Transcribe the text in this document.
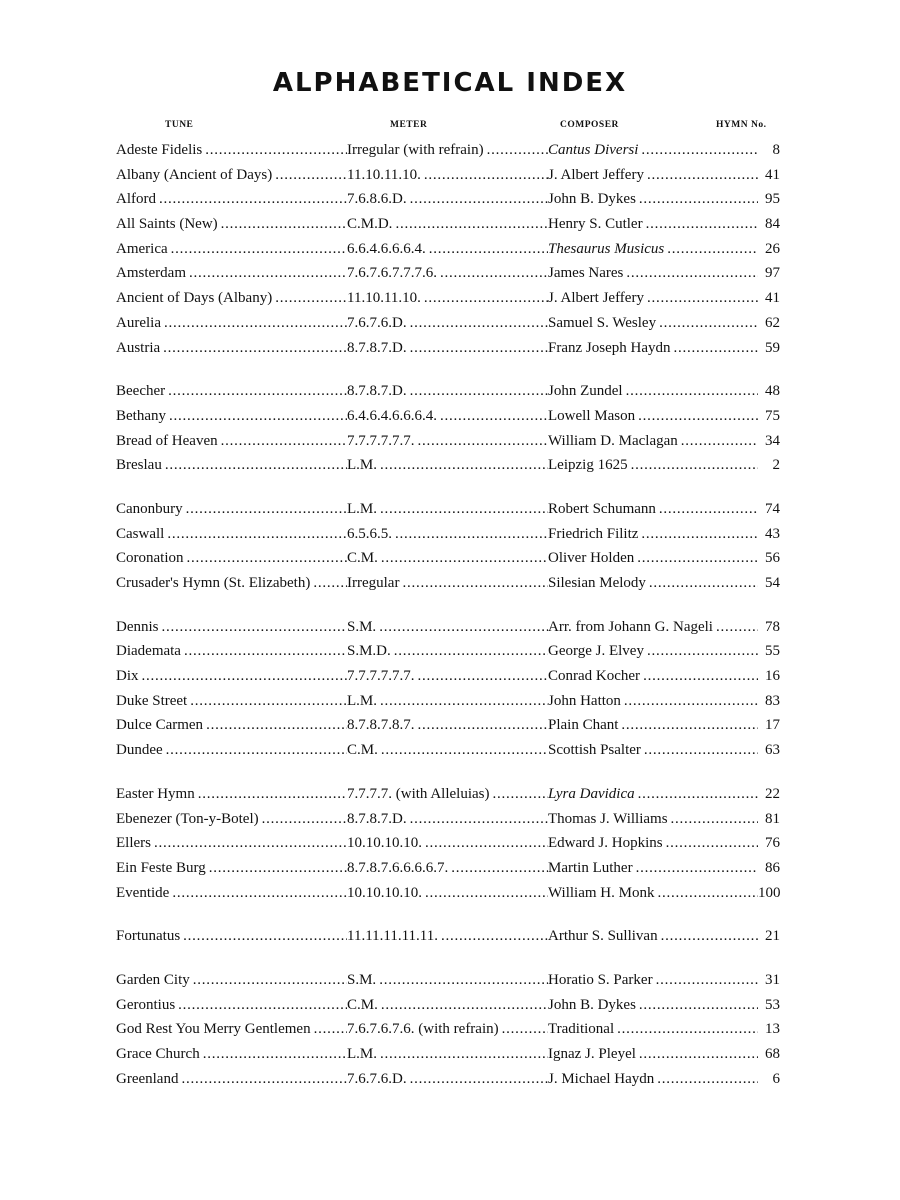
ALPHABETICAL INDEX
TUNE	METER	COMPOSER	HYMN No.
Adeste Fidelis . . .	Irregular (with refrain) . . .	Cantus Diversi . . .	8
Albany (Ancient of Days) . . .	11.10.11.10. . . .	J. Albert Jeffery . . .	41
Alford . . .	7.6.8.6.D. . . .	John B. Dykes . . .	95
All Saints (New) . . .	C.M.D. . . .	Henry S. Cutler . . .	84
America . . .	6.6.4.6.6.6.4. . . .	Thesaurus Musicus . . .	26
Amsterdam . . .	7.6.7.6.7.7.7.6. . . .	James Nares . . .	97
Ancient of Days (Albany) . . .	11.10.11.10. . . .	J. Albert Jeffery . . .	41
Aurelia . . .	7.6.7.6.D. . . .	Samuel S. Wesley . . .	62
Austria . . .	8.7.8.7.D. . . .	Franz Joseph Haydn . . .	59
Beecher . . .	8.7.8.7.D. . . .	John Zundel . . .	48
Bethany . . .	6.4.6.4.6.6.6.4. . . .	Lowell Mason . . .	75
Bread of Heaven . . .	7.7.7.7.7.7. . . .	William D. Maclagan . . .	34
Breslau . . .	L.M. . . .	Leipzig 1625 . . .	2
Canonbury . . .	L.M. . . .	Robert Schumann . . .	74
Caswall . . .	6.5.6.5. . . .	Friedrich Filitz . . .	43
Coronation . . .	C.M. . . .	Oliver Holden . . .	56
Crusader's Hymn (St. Elizabeth) . . . Irregular . . .	Silesian Melody . . .	54
Dennis . . .	S.M. . . .	Arr. from Johann G. Nageli . . .	78
Diademata . . .	S.M.D. . . .	George J. Elvey . . .	55
Dix . . .	7.7.7.7.7.7. . . .	Conrad Kocher . . .	16
Duke Street . . .	L.M. . . .	John Hatton . . .	83
Dulce Carmen . . .	8.7.8.7.8.7. . . .	Plain Chant . . .	17
Dundee . . .	C.M. . . .	Scottish Psalter . . .	63
Easter Hymn . . .	7.7.7.7. (with Alleluias) . . .	Lyra Davidica . . .	22
Ebenezer (Ton-y-Botel) . . .	8.7.8.7.D. . . .	Thomas J. Williams . . .	81
Ellers . . .	10.10.10.10. . . .	Edward J. Hopkins . . .	76
Ein Feste Burg . . .	8.7.8.7.6.6.6.6.7. . . .	Martin Luther . . .	86
Eventide . . .	10.10.10.10. . . .	William H. Monk . . .	100
Fortunatus . . .	11.11.11.11.11. . . .	Arthur S. Sullivan . . .	21
Garden City . . .	S.M. . . .	Horatio S. Parker . . .	31
Gerontius . . .	C.M. . . .	John B. Dykes . . .	53
God Rest You Merry Gentlemen . . . 7.6.7.6.7.6. (with refrain) . . .	Traditional . . .	13
Grace Church . . .	L.M. . . .	Ignaz J. Pleyel . . .	68
Greenland . . .	7.6.7.6.D. . . .	J. Michael Haydn . . .	6
